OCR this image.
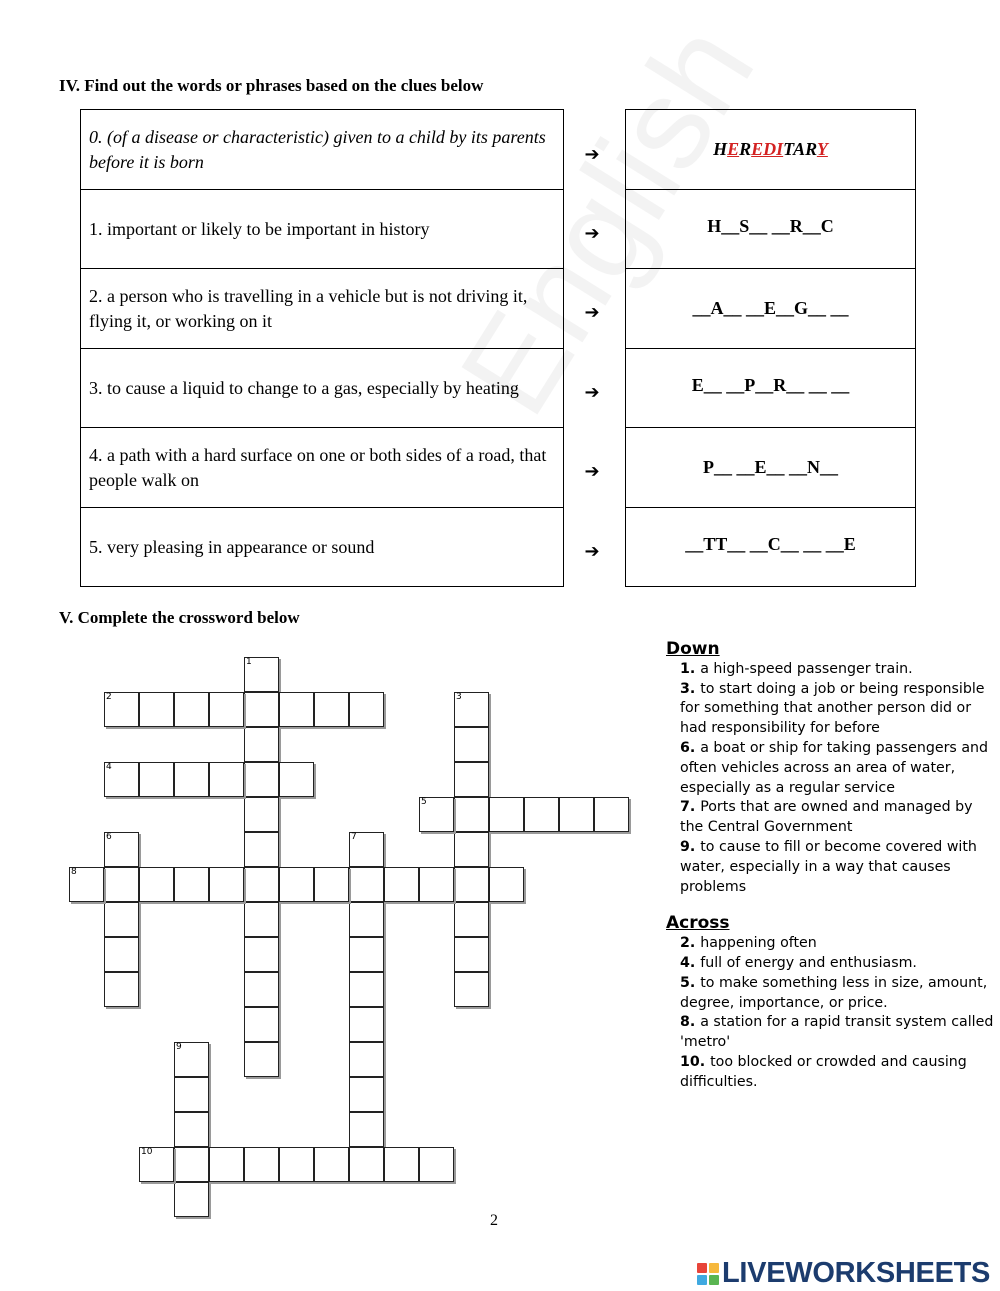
IV. Find out the words or phrases based on the clues below
0. (of a disease or characteristic) given to a child by its parents before it is born
1. important or likely to be important in history
2. a person who is travelling in a vehicle but is not driving it, flying it, or working on it
3. to cause a liquid to change to a gas, especially by heating
4. a path with a hard surface on one or both sides of a road, that people walk on
5. very pleasing in appearance or sound
➔
➔
➔
➔
➔
➔
HEREDITARY
H__S__ __R__C
__A__ __E__G__ __
E__ __P__R__ __ __
P__ __E__ __N__
__TT__ __C__ __ __E
V. Complete the crossword below
1
2	3
4
5
6	7
8
9
10
Down
1. a high-speed passenger train.
3. to start doing a job or being responsible for something that another person did or had responsibility for before
6. a boat or ship for taking passengers and often vehicles across an area of water, especially as a regular service
7. Ports that are owned and managed by the Central Government
9. to cause to fill or become covered with water, especially in a way that causes problems
Across
2. happening often
4. full of energy and enthusiasm.
5. to make something less in size, amount, degree, importance, or price.
8. a station for a rapid transit system called 'metro'
10. too blocked or crowded and causing difficulties.
2
LIVEWORKSHEETS
